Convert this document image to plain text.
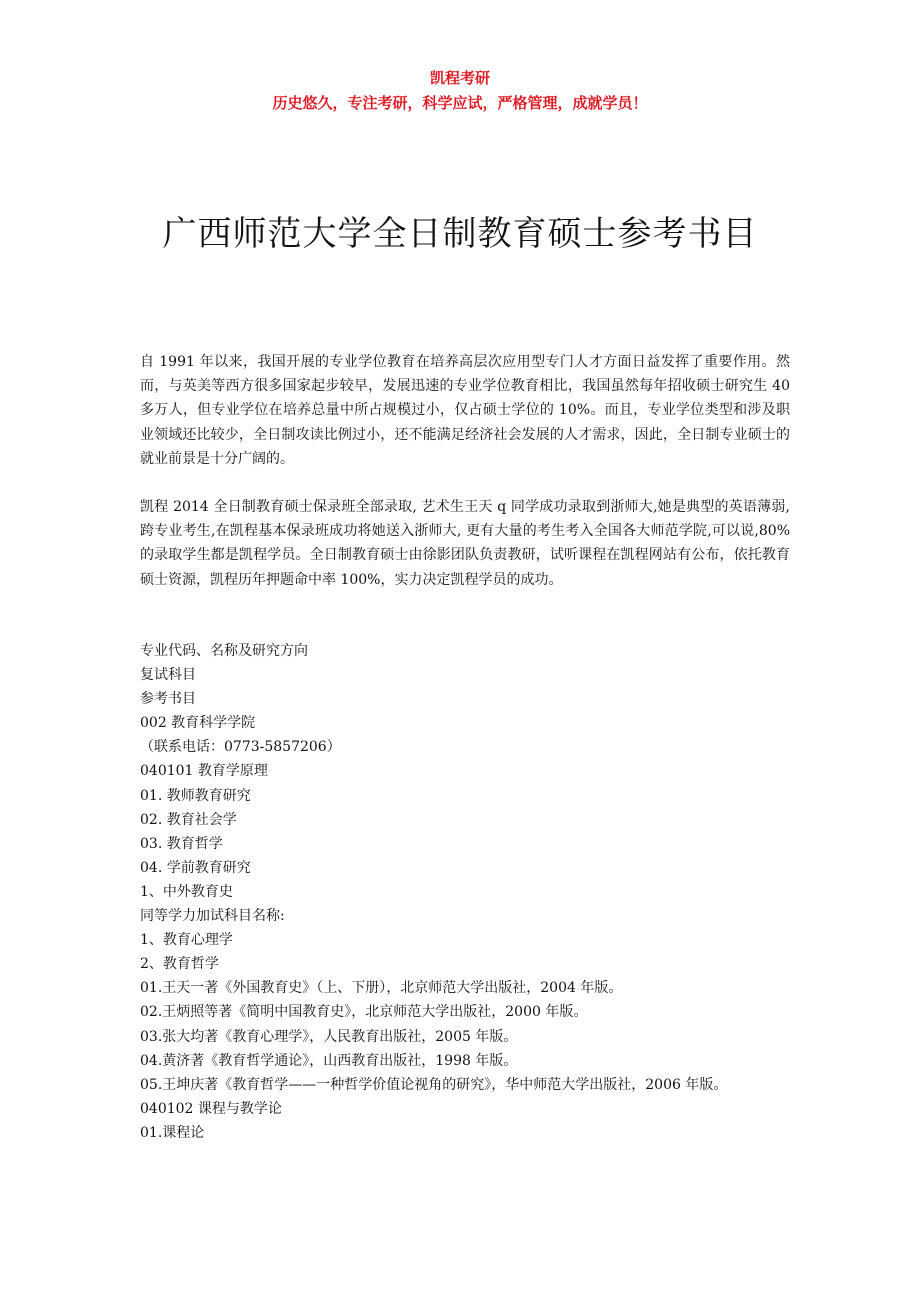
凯程考研
历史悠久，专注考研，科学应试，严格管理，成就学员！
广西师范大学全日制教育硕士参考书目

自 1991 年以来，我国开展的专业学位教育在培养高层次应用型专门人才方面日益发挥了重要作用。然而，与英美等西方很多国家起步较早，发展迅速的专业学位教育相比，我国虽然每年招收硕士研究生 40 多万人，但专业学位在培养总量中所占规模过小，仅占硕士学位的 10%。而且，专业学位类型和涉及职业领域还比较少，全日制攻读比例过小，还不能满足经济社会发展的人才需求，因此，全日制专业硕士的就业前景是十分广阔的。

凯程 2014 全日制教育硕士保录班全部录取, 艺术生王天 q 同学成功录取到浙师大,她是典型的英语薄弱,跨专业考生,在凯程基本保录班成功将她送入浙师大, 更有大量的考生考入全国各大师范学院,可以说,80%的录取学生都是凯程学员。全日制教育硕士由徐影团队负责教研，试听课程在凯程网站有公布，依托教育硕士资源，凯程历年押题命中率 100%，实力决定凯程学员的成功。

专业代码、名称及研究方向
复试科目
参考书目
002 教育科学学院
（联系电话：0773-5857206）
040101 教育学原理
01. 教师教育研究
02. 教育社会学
03. 教育哲学
04. 学前教育研究
1、中外教育史
同等学力加试科目名称:
1、教育心理学
2、教育哲学
01.王天一著《外国教育史》（上、下册），北京师范大学出版社，2004 年版。
02.王炳照等著《简明中国教育史》，北京师范大学出版社，2000 年版。
03.张大均著《教育心理学》，人民教育出版社，2005 年版。
04.黄济著《教育哲学通论》，山西教育出版社，1998 年版。
05.王坤庆著《教育哲学——一种哲学价值论视角的研究》，华中师范大学出版社，2006 年版。
040102 课程与教学论
01.课程论
